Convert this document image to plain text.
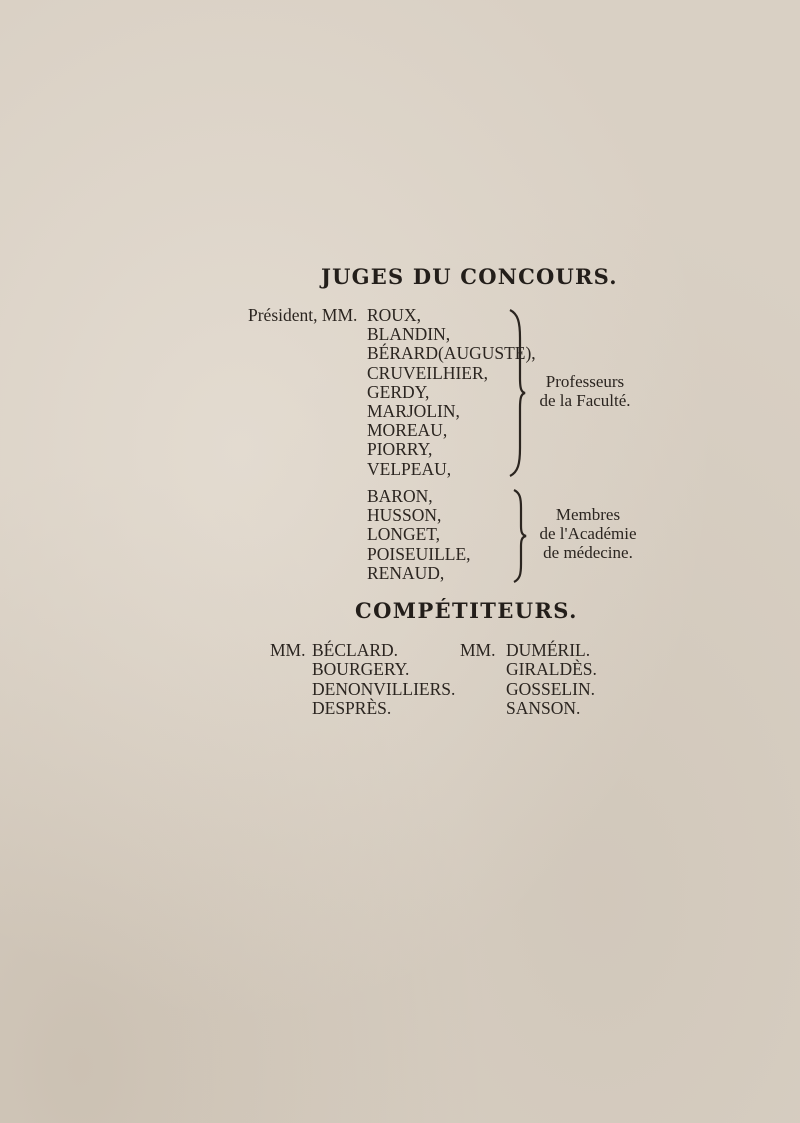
JUGES DU CONCOURS.
Président, MM. ROUX,
BLANDIN,
BÉRARD(AUGUSTE),
CRUVEILHIER,
GERDY,
MARJOLIN,
MOREAU,
PIORRY,
VELPEAU,
Professeurs
de la Faculté.
BARON,
HUSSON,
LONGET,
POISEUILLE,
RENAUD,
Membres
de l'Académie
de médecine.
COMPÉTITEURS.
MM. BÉCLARD.
BOURGERY.
DENONVILLIERS.
DESPRÈS.
MM. DUMÉRIL.
GIRALDÈS.
GOSSELIN.
SANSON.
